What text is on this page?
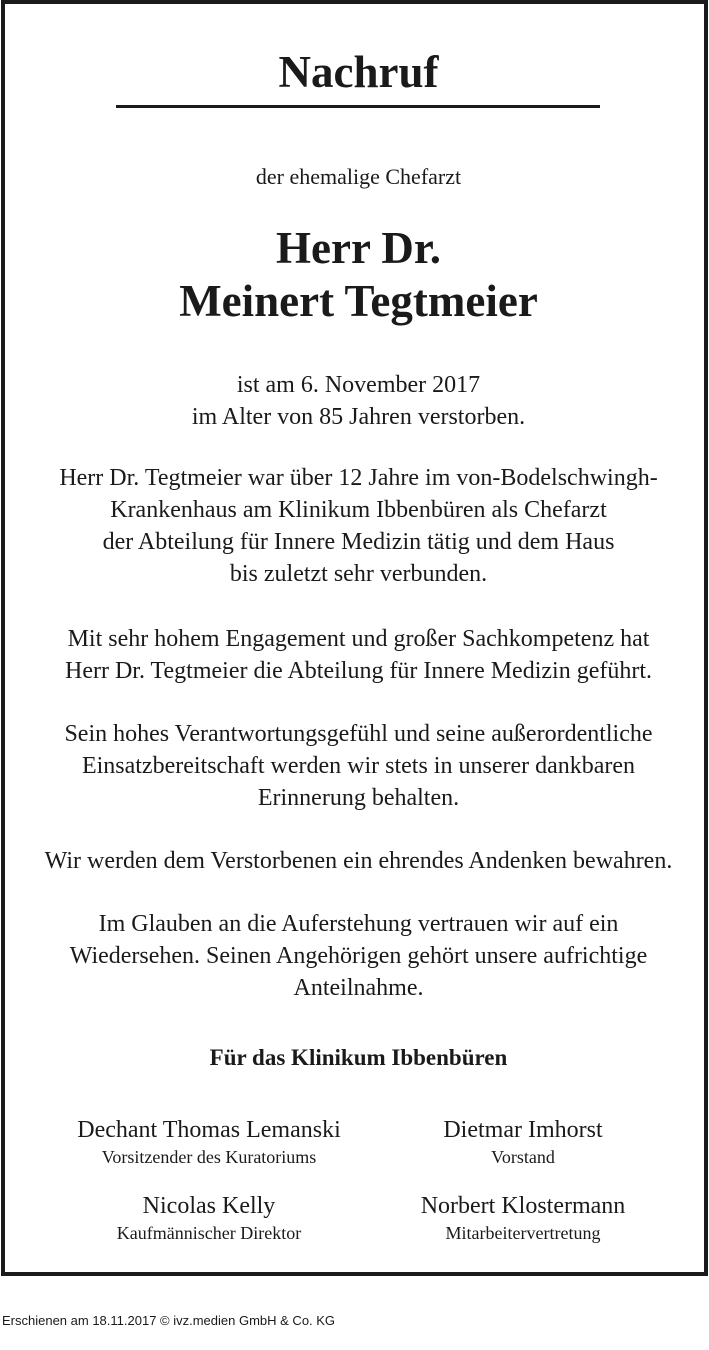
Nachruf
der ehemalige Chefarzt
Herr Dr.
Meinert Tegtmeier
ist am 6. November 2017
im Alter von 85 Jahren verstorben.
Herr Dr. Tegtmeier war über 12 Jahre im von-Bodelschwingh-
Krankenhaus am Klinikum Ibbenbüren als Chefarzt
der Abteilung für Innere Medizin tätig und dem Haus
bis zuletzt sehr verbunden.
Mit sehr hohem Engagement und großer Sachkompetenz hat
Herr Dr. Tegtmeier die Abteilung für Innere Medizin geführt.
Sein hohes Verantwortungsgefühl und seine außerordentliche
Einsatzbereitschaft werden wir stets in unserer dankbaren
Erinnerung behalten.
Wir werden dem Verstorbenen ein ehrendes Andenken bewahren.
Im Glauben an die Auferstehung vertrauen wir auf ein
Wiedersehen. Seinen Angehörigen gehört unsere aufrichtige
Anteilnahme.
Für das Klinikum Ibbenbüren
Dechant Thomas Lemanski
Vorsitzender des Kuratoriums
Dietmar Imhorst
Vorstand
Nicolas Kelly
Kaufmännischer Direktor
Norbert Klostermann
Mitarbeitervertretung
Erschienen am 18.11.2017 © ivz.medien GmbH & Co. KG
